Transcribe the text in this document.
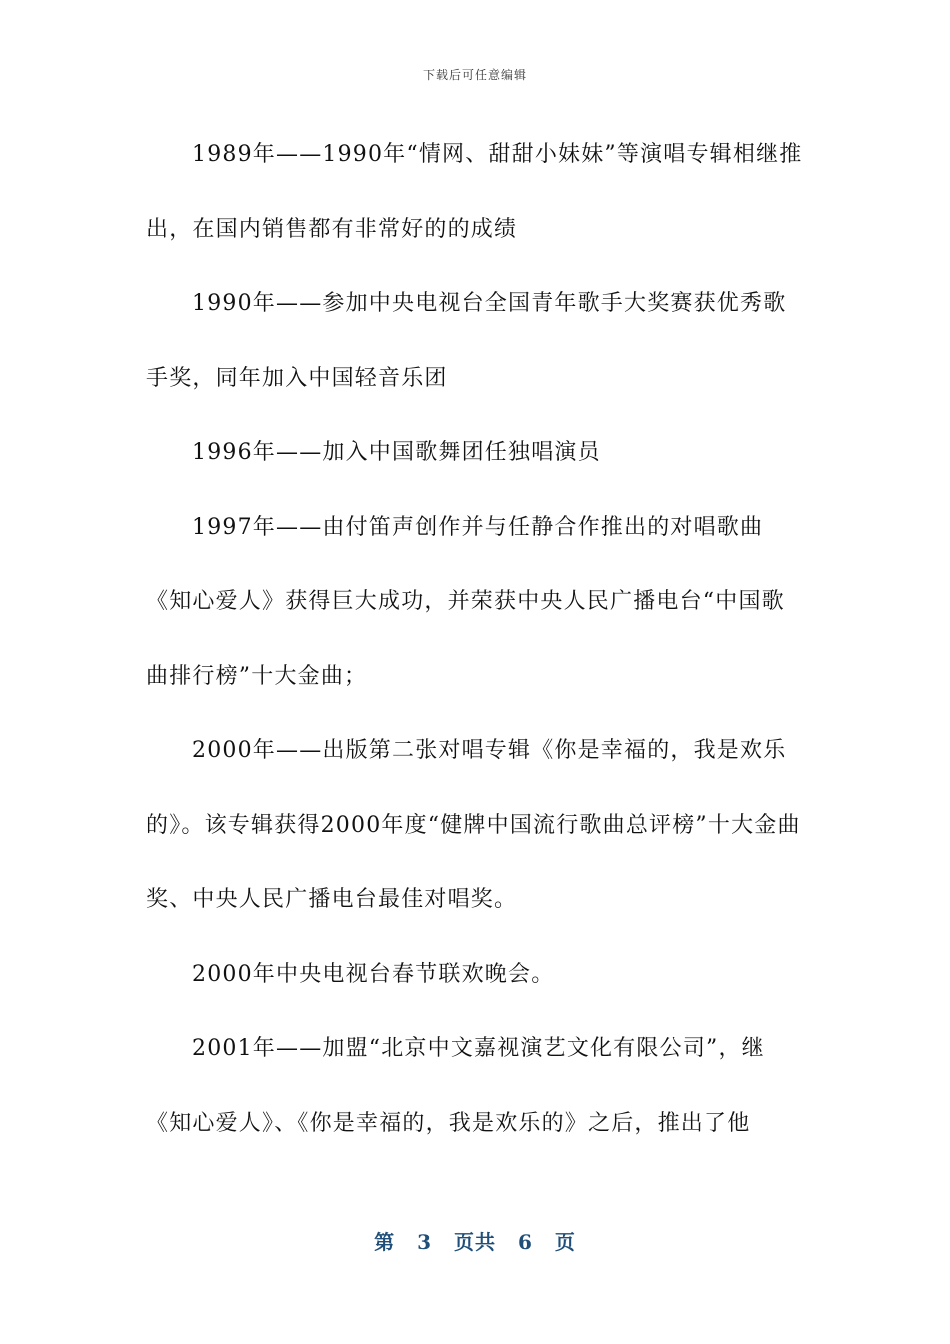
下载后可任意编辑

1989年——1990年“情网、甜甜小妹妹”等演唱专辑相继推出，在国内销售都有非常好的的成绩

1990年——参加中央电视台全国青年歌手大奖赛获优秀歌手奖，同年加入中国轻音乐团

1996年——加入中国歌舞团任独唱演员

1997年——由付笛声创作并与任静合作推出的对唱歌曲《知心爱人》获得巨大成功，并荣获中央人民广播电台“中国歌曲排行榜”十大金曲；

2000年——出版第二张对唱专辑《你是幸福的，我是欢乐的》。该专辑获得2000年度“健牌中国流行歌曲总评榜”十大金曲奖、中央人民广播电台最佳对唱奖。

2000年中央电视台春节联欢晚会。

2001年——加盟“北京中文嘉视演艺文化有限公司”，继《知心爱人》、《你是幸福的，我是欢乐的》之后，推出了他

第 3 页共 6 页
